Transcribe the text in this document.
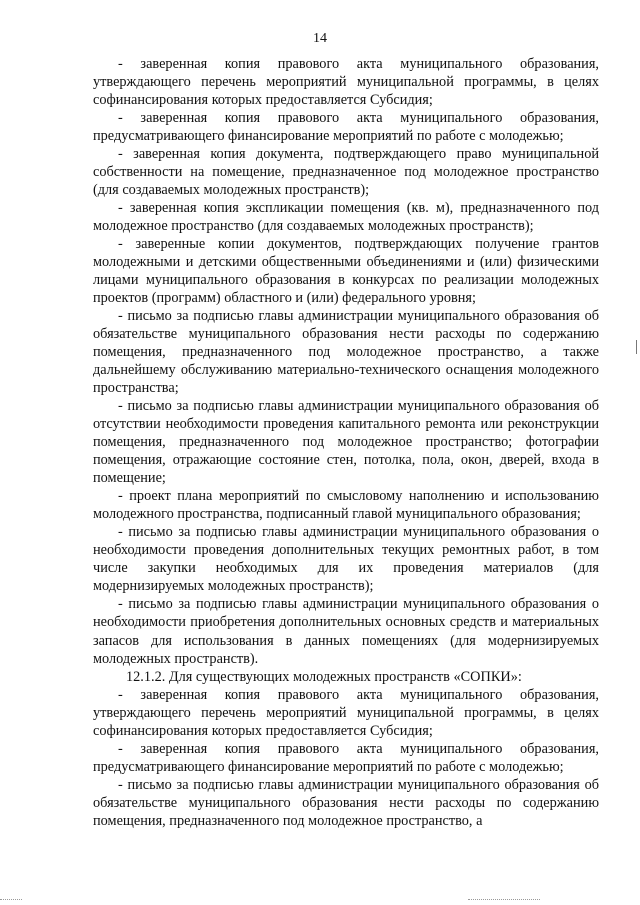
14

- заверенная копия правового акта муниципального образования, утверждающего перечень мероприятий муниципальной программы, в целях софинансирования которых предоставляется Субсидия;

- заверенная копия правового акта муниципального образования, предусматривающего финансирование мероприятий по работе с молодежью;

- заверенная копия документа, подтверждающего право муниципальной собственности на помещение, предназначенное под молодежное пространство (для создаваемых молодежных пространств);

- заверенная копия экспликации помещения (кв. м), предназначенного под молодежное пространство (для создаваемых молодежных пространств);

- заверенные копии документов, подтверждающих получение грантов молодежными и детскими общественными объединениями и (или) физическими лицами муниципального образования в конкурсах по реализации молодежных проектов (программ) областного и (или) федерального уровня;

- письмо за подписью главы администрации муниципального образования об обязательстве муниципального образования нести расходы по содержанию помещения, предназначенного под молодежное пространство, а также дальнейшему обслуживанию материально-технического оснащения молодежного пространства;

- письмо за подписью главы администрации муниципального образования об отсутствии необходимости проведения капитального ремонта или реконструкции помещения, предназначенного под молодежное пространство; фотографии помещения, отражающие состояние стен, потолка, пола, окон, дверей, входа в помещение;

- проект плана мероприятий по смысловому наполнению и использованию молодежного пространства, подписанный главой муниципального образования;

- письмо за подписью главы администрации муниципального образования о необходимости проведения дополнительных текущих ремонтных работ, в том числе закупки необходимых для их проведения материалов (для модернизируемых молодежных пространств);

- письмо за подписью главы администрации муниципального образования о необходимости приобретения дополнительных основных средств и материальных запасов для использования в данных помещениях (для модернизируемых молодежных пространств).

12.1.2. Для существующих молодежных пространств «СОПКИ»:

- заверенная копия правового акта муниципального образования, утверждающего перечень мероприятий муниципальной программы, в целях софинансирования которых предоставляется Субсидия;

- заверенная копия правового акта муниципального образования, предусматривающего финансирование мероприятий по работе с молодежью;

- письмо за подписью главы администрации муниципального образования об обязательстве муниципального образования нести расходы по содержанию помещения, предназначенного под молодежное пространство, а
